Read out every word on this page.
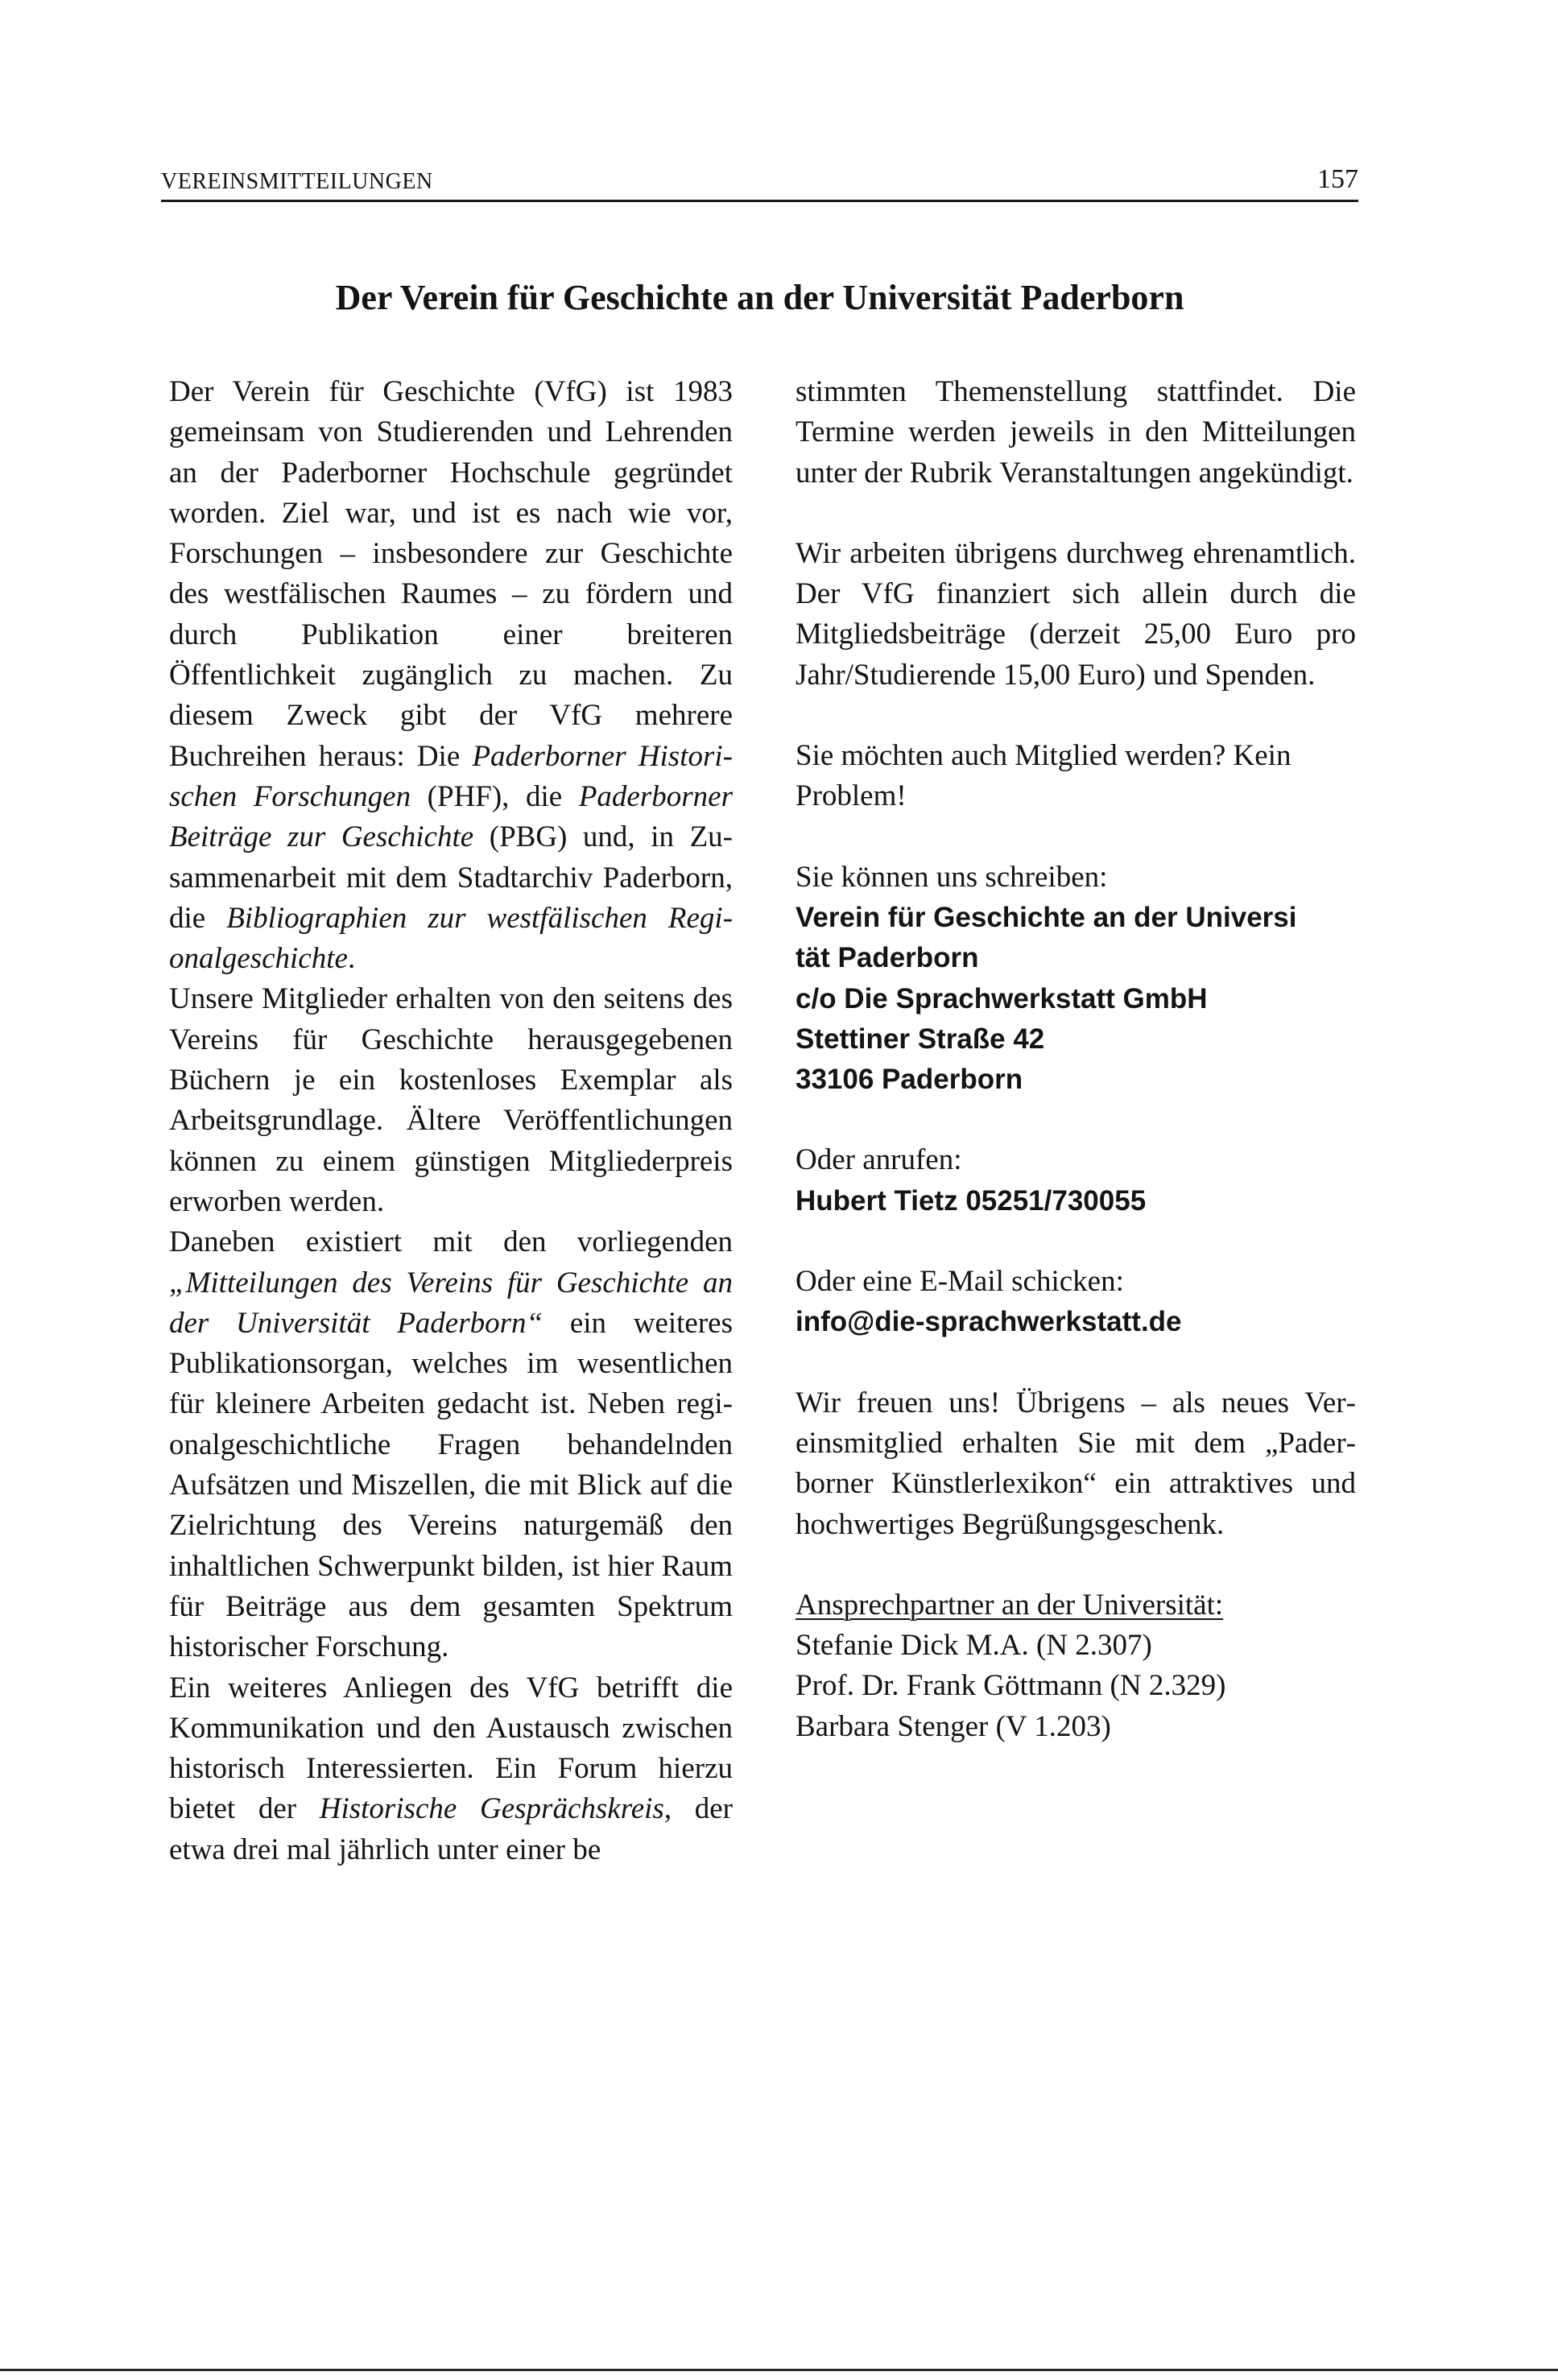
VEREINSMITTEILUNGEN	157
Der Verein für Geschichte an der Universität Paderborn

Der Verein für Geschichte (VfG) ist 1983 gemeinsam von Studierenden und Lehrenden an der Paderborner Hochschule gegründet worden. Ziel war, und ist es nach wie vor, Forschungen – insbesondere zur Geschichte des westfälischen Raumes – zu fördern und durch Publikation einer breiteren Öffentlichkeit zugänglich zu machen. Zu diesem Zweck gibt der VfG mehrere Buchreihen heraus: Die Paderborner Historischen Forschungen (PHF), die Paderborner Beiträge zur Geschichte (PBG) und, in Zusammenarbeit mit dem Stadtarchiv Paderborn, die Bibliographien zur westfälischen Regionalgeschichte.

Unsere Mitglieder erhalten von den seitens des Vereins für Geschichte herausgegebenen Büchern je ein kostenloses Exemplar als Arbeitsgrundlage. Ältere Veröffentlichungen können zu einem günstigen Mitgliederpreis erworben werden.

Daneben existiert mit den vorliegenden „Mitteilungen des Vereins für Geschichte an der Universität Paderborn“ ein weiteres Publikationsorgan, welches im wesentlichen für kleinere Arbeiten gedacht ist. Neben regionalgeschichtliche Fragen behandelnden Aufsätzen und Miszellen, die mit Blick auf die Zielrichtung des Vereins naturgemäß den inhaltlichen Schwerpunkt bilden, ist hier Raum für Beiträge aus dem gesamten Spektrum historischer Forschung.

Ein weiteres Anliegen des VfG betrifft die Kommunikation und den Austausch zwischen historisch Interessierten. Ein Forum hierzu bietet der Historische Gesprächskreis, der etwa drei mal jährlich unter einer be

stimmten Themenstellung stattfindet. Die Termine werden jeweils in den Mitteilungen unter der Rubrik Veranstaltungen angekündigt.

Wir arbeiten übrigens durchweg ehrenamtlich. Der VfG finanziert sich allein durch die Mitgliedsbeiträge (derzeit 25,00 Euro pro Jahr/Studierende 15,00 Euro) und Spenden.

Sie möchten auch Mitglied werden? Kein Problem!

Sie können uns schreiben:

Verein für Geschichte an der Universi
tät Paderborn
c/o Die Sprachwerkstatt GmbH
Stettiner Straße 42
33106 Paderborn

Oder anrufen:

Hubert Tietz 05251/730055

Oder eine E-Mail schicken:

info@die-sprachwerkstatt.de

Wir freuen uns! Übrigens – als neues Vereinsmitglied erhalten Sie mit dem „Paderborner Künstlerlexikon“ ein attraktives und hochwertiges Begrüßungsgeschenk.

Ansprechpartner an der Universität:
Stefanie Dick M.A. (N 2.307)
Prof. Dr. Frank Göttmann (N 2.329)
Barbara Stenger (V 1.203)
